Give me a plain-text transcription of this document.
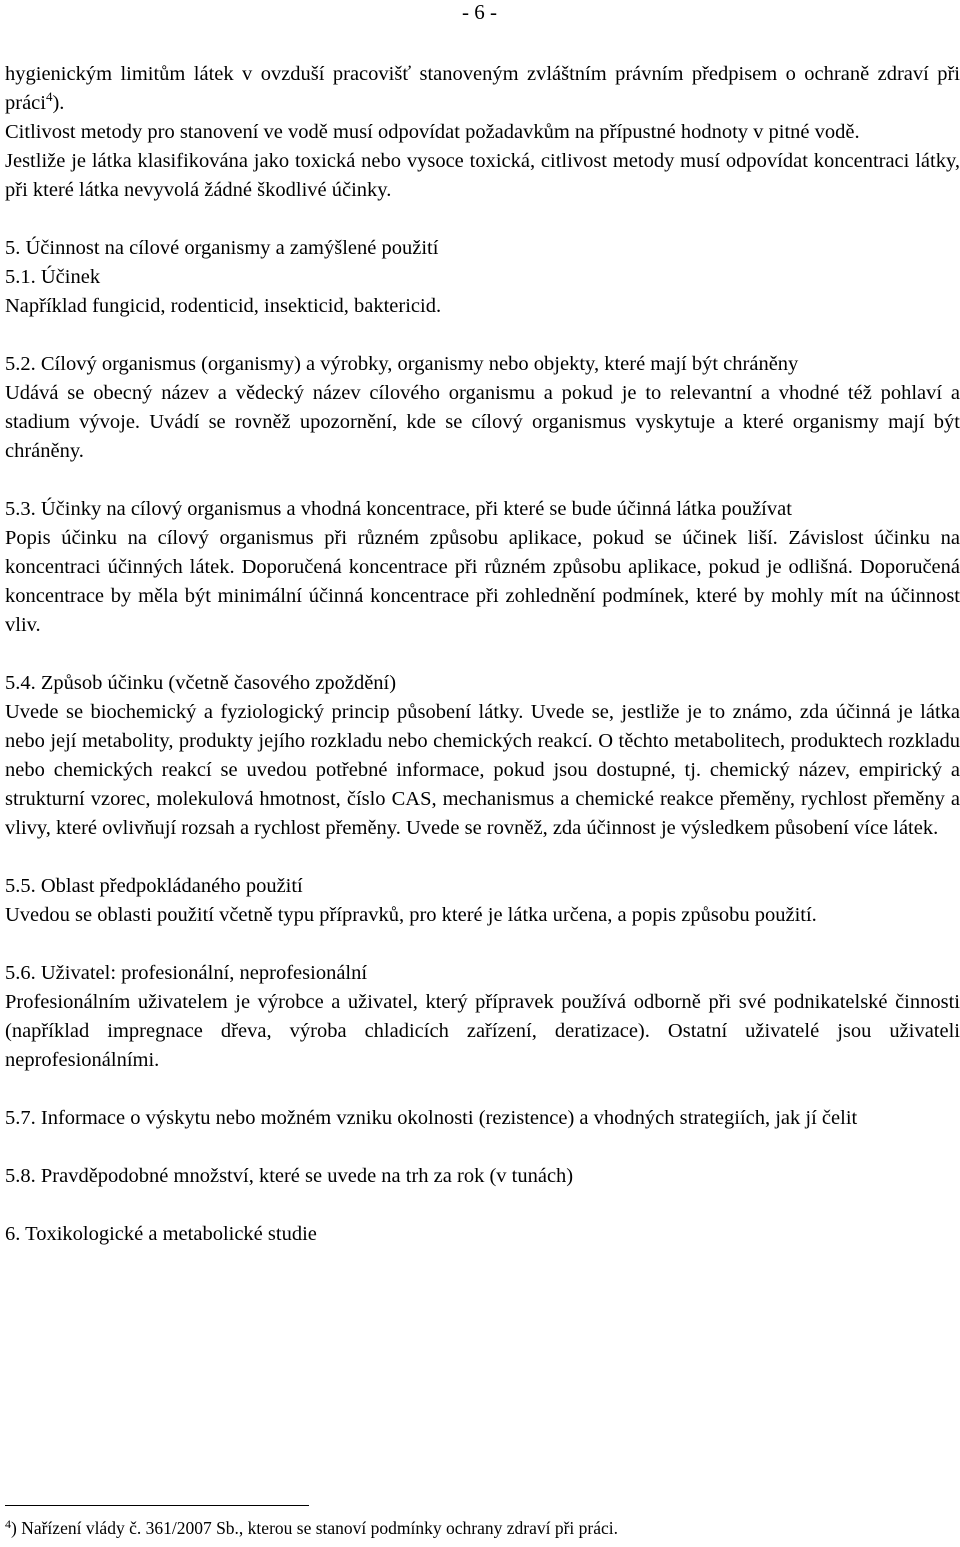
- 6 -

hygienickým limitům látek v ovzduší pracovišť stanoveným zvláštním právním předpisem o ochraně zdraví při práci$^4$).

Citlivost metody pro stanovení ve vodě musí odpovídat požadavkům na přípustné hodnoty v pitné vodě.

Jestliže je látka klasifikována jako toxická nebo vysoce toxická, citlivost metody musí odpovídat koncentraci látky, při které látka nevyvolá žádné škodlivé účinky.

5. Účinnost na cílové organismy a zamýšlené použití

5.1. Účinek

Například fungicid, rodenticid, insekticid, baktericid.

5.2. Cílový organismus (organismy) a výrobky, organismy nebo objekty, které mají být chráněny

Udává se obecný název a vědecký název cílového organismu a pokud je to relevantní a vhodné též pohlaví a stadium vývoje. Uvádí se rovněž upozornění, kde se cílový organismus vyskytuje a které organismy mají být chráněny.

5.3. Účinky na cílový organismus a vhodná koncentrace, při které se bude účinná látka používat

Popis účinku na cílový organismus při různém způsobu aplikace, pokud se účinek liší. Závislost účinku na koncentraci účinných látek. Doporučená koncentrace při různém způsobu aplikace, pokud je odlišná. Doporučená koncentrace by měla být minimální účinná koncentrace při zohlednění podmínek, které by mohly mít na účinnost vliv.

5.4. Způsob účinku (včetně časového zpoždění)

Uvede se biochemický a fyziologický princip působení látky. Uvede se, jestliže je to známo, zda účinná je látka nebo její metabolity, produkty jejího rozkladu nebo chemických reakcí. O těchto metabolitech, produktech rozkladu nebo chemických reakcí se uvedou potřebné informace, pokud jsou dostupné, tj. chemický název, empirický a strukturní vzorec, molekulová hmotnost, číslo CAS, mechanismus a chemické reakce přeměny, rychlost přeměny a vlivy, které ovlivňují rozsah a rychlost přeměny. Uvede se rovněž, zda účinnost je výsledkem působení více látek.

5.5. Oblast předpokládaného použití

Uvedou se oblasti použití včetně typu přípravků, pro které je látka určena, a popis způsobu použití.

5.6. Uživatel: profesionální, neprofesionální

Profesionálním uživatelem je výrobce a uživatel, který přípravek používá odborně při své podnikatelské činnosti (například impregnace dřeva, výroba chladicích zařízení, deratizace). Ostatní uživatelé jsou uživateli neprofesionálními.

5.7. Informace o výskytu nebo možném vzniku okolnosti (rezistence) a vhodných strategiích, jak jí čelit

5.8. Pravděpodobné množství, které se uvede na trh za rok (v tunách)

6. Toxikologické a metabolické studie

$^4$) Nařízení vlády č. 361/2007 Sb., kterou se stanoví podmínky ochrany zdraví při práci.
